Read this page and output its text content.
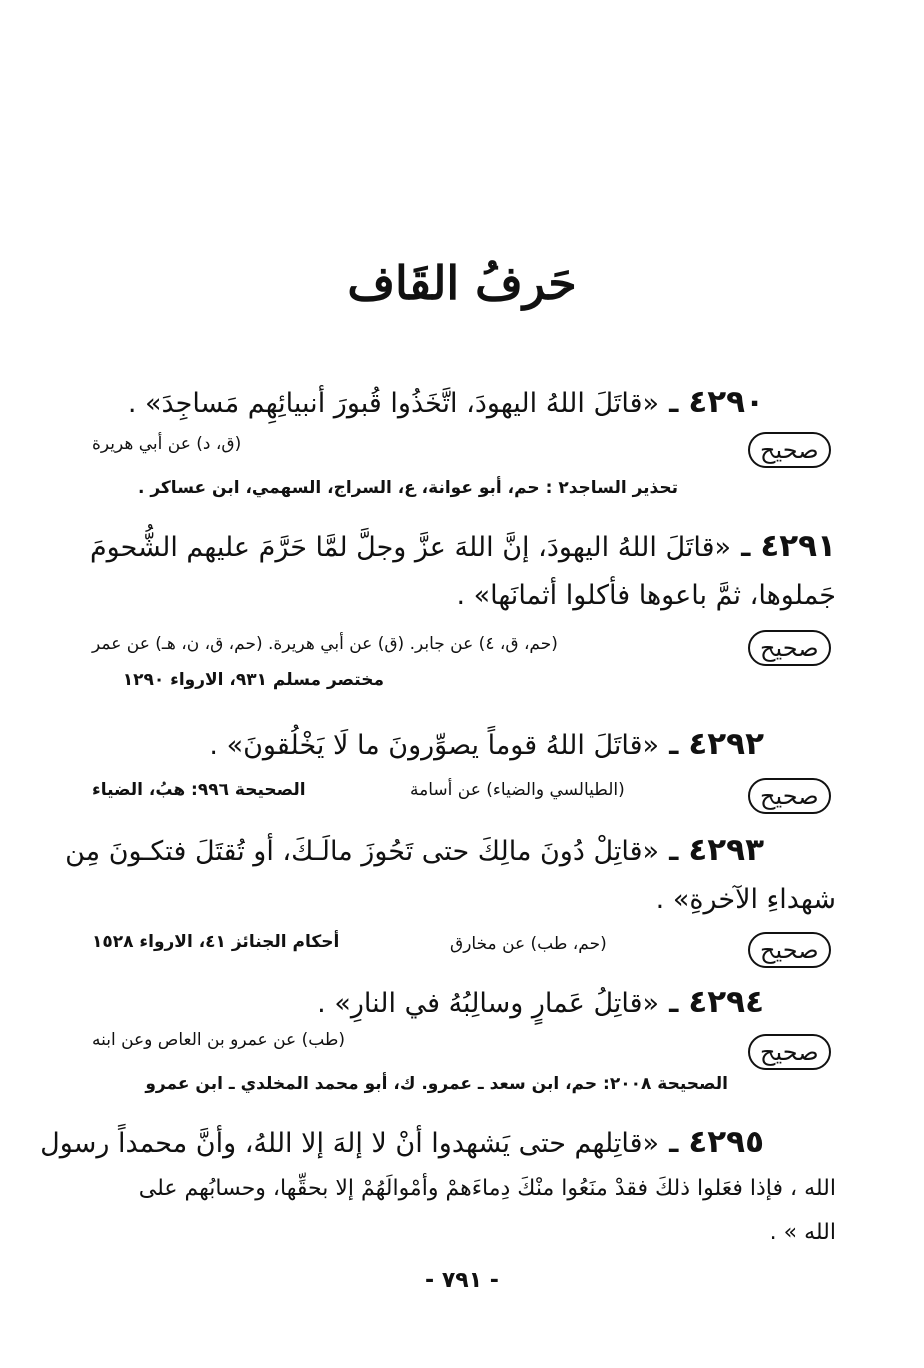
حَرفُ القَاف
٤٢٩٠ـ«قاتَلَ اللهُ اليهودَ، اتَّخَذُوا قُبورَ أنبيائِهِم مَساجِدَ» .
صحيح
(ق، د) عن أبي هريرة
تحذير الساجد٢ : حم، أبو عوانة، ع، السراج، السهمي، ابن عساكر .
٤٢٩١ـ«قاتَلَ اللهُ اليهودَ، إنَّ اللهَ عزَّ وجلَّ لمَّا حَرَّمَ عليهم الشُّحومَ
جَملوها، ثمَّ باعوها فأكلوا أثمانَها» .
صحيح
(حم، ق، ٤) عن جابر. (ق) عن أبي هريرة. (حم، ق، ن، هـ) عن عمر
مختصر مسلم ٩٣١، الارواء ١٢٩٠
٤٢٩٢ـ«قاتَلَ اللهُ قوماً يصوِّرونَ ما لَا يَخْلُقونَ» .
صحيح
(الطيالسي والضياء) عن أسامة
الصحيحة ٩٩٦: هبُ، الضياء
٤٢٩٣ـ«قاتِلْ دُونَ مالِكَ حتى تَحُوزَ مالَـكَ، أو تُقتَلَ فتكـونَ مِن
شهداءِ الآخرةِ» .
صحيح
(حم، طب) عن مخارق
أحكام الجنائز ٤١، الارواء ١٥٢٨
٤٢٩٤ـ«قاتِلُ عَمارٍ وسالِبُهُ في النارِ» .
صحيح
(طب) عن عمرو بن العاص وعن ابنه
الصحيحة ٢٠٠٨: حم، ابن سعد ـ عمرو. ك، أبو محمد المخلدي ـ ابن عمرو
٤٢٩٥ـ«قاتِلهم حتى يَشهدوا أنْ لا إلهَ إلا اللهُ، وأنَّ محمداً رسول
الله ، فإذا فعَلوا ذلكَ فقدْ منَعُوا منْكَ دِماءَهمْ وأمْوالَهُمْ إلا بحقِّها، وحسابُهم على
الله » .
- ٧٩١ -
